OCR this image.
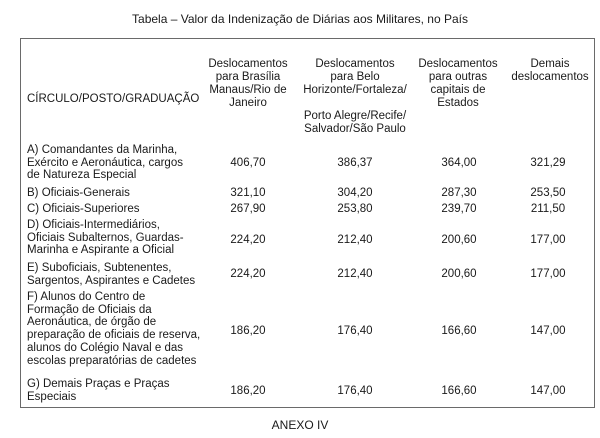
Tabela – Valor da Indenização de Diárias aos Militares, no País
CÍRCULO/POSTO/GRADUAÇÃO
Deslocamentos
para Brasília
Manaus/Rio de
Janeiro
Deslocamentos
para Belo
Horizonte/Fortaleza/
Porto Alegre/Recife/
Salvador/São Paulo
Deslocamentos
para outras
capitais de
Estados
Demais
deslocamentos
A) Comandantes da Marinha,
Exército e Aeronáutica, cargos
de Natureza Especial
406,70	386,37	364,00	321,29
B) Oficiais-Generais	321,10	304,20	287,30	253,50
C) Oficiais-Superiores	267,90	253,80	239,70	211,50
D) Oficiais-Intermediários,
Oficiais Subalternos, Guardas-
Marinha e Aspirante a Oficial
224,20	212,40	200,60	177,00
E) Suboficiais, Subtenentes,
Sargentos, Aspirantes e Cadetes
224,20	212,40	200,60	177,00
F) Alunos do Centro de
Formação de Oficiais da
Aeronáutica, de órgão de
preparação de oficiais de reserva,
alunos do Colégio Naval e das
escolas preparatórias de cadetes
186,20	176,40	166,60	147,00
G) Demais Praças e Praças
Especiais	186,20	176,40	166,60	147,00
ANEXO IV
